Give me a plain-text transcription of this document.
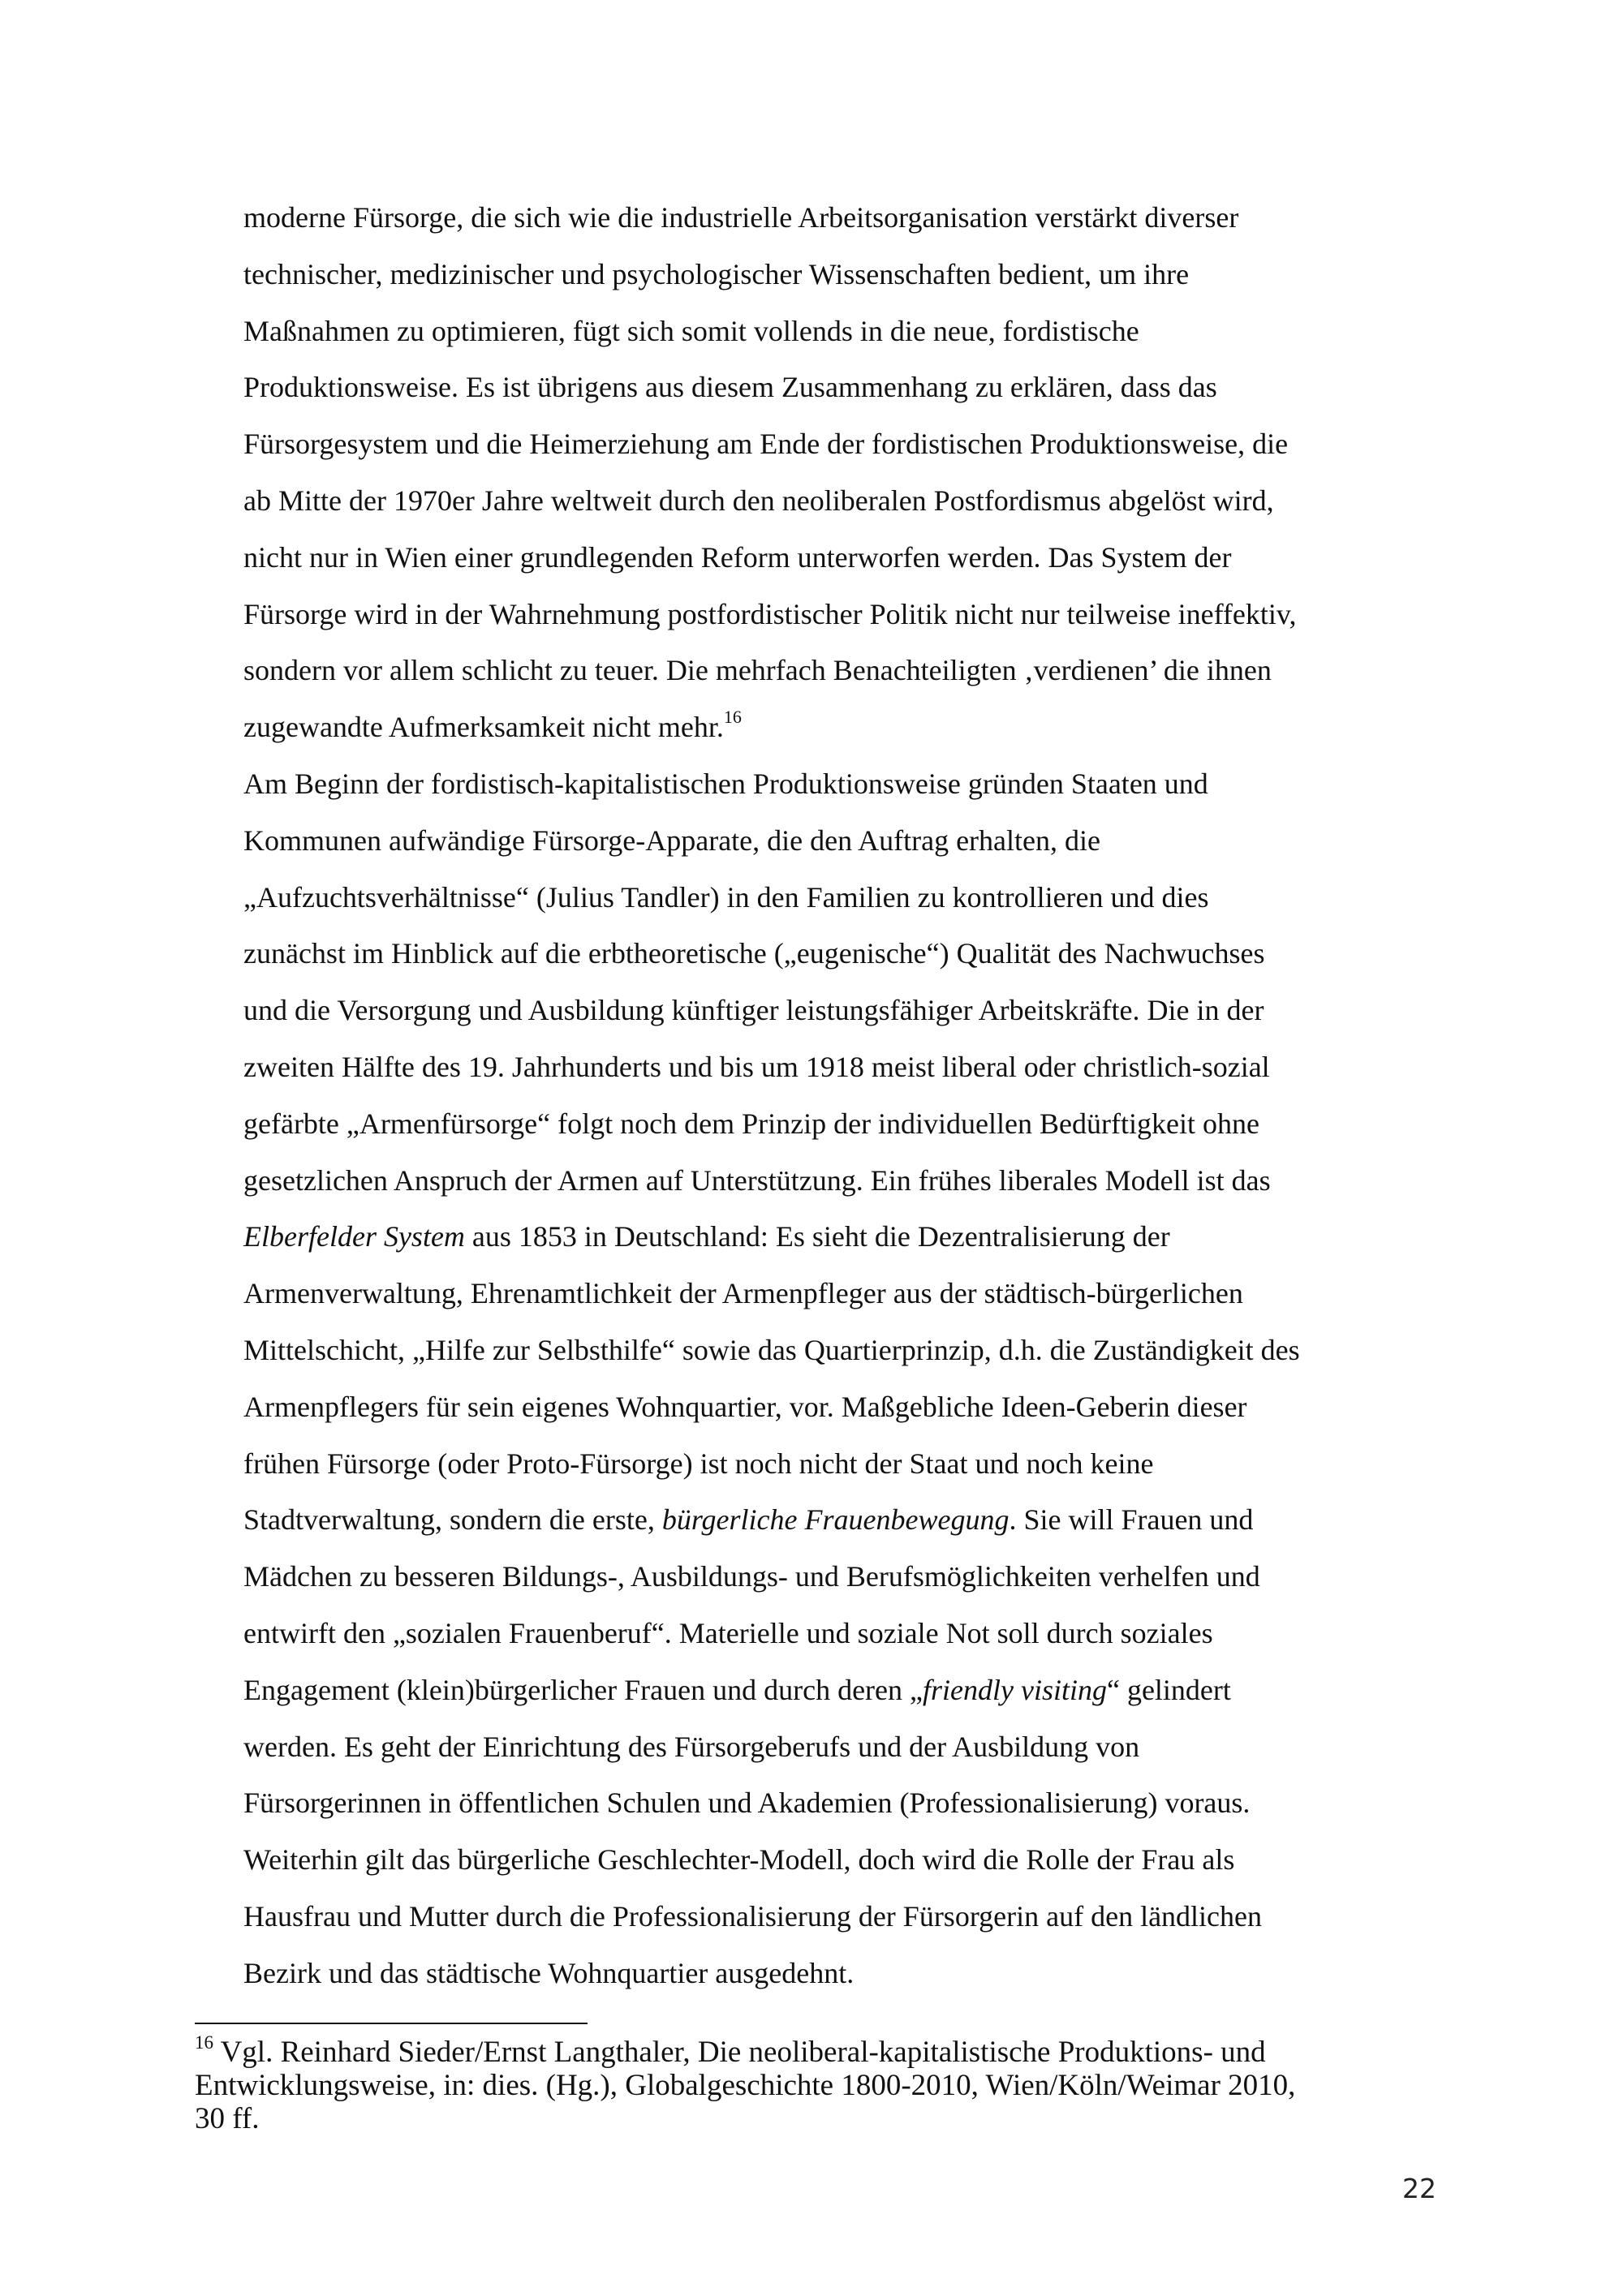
moderne Fürsorge, die sich wie die industrielle Arbeitsorganisation verstärkt diverser
technischer, medizinischer und psychologischer Wissenschaften bedient, um ihre
Maßnahmen zu optimieren, fügt sich somit vollends in die neue, fordistische
Produktionsweise. Es ist übrigens aus diesem Zusammenhang zu erklären, dass das
Fürsorgesystem und die Heimerziehung am Ende der fordistischen Produktionsweise, die
ab Mitte der 1970er Jahre weltweit durch den neoliberalen Postfordismus abgelöst wird,
nicht nur in Wien einer grundlegenden Reform unterworfen werden. Das System der
Fürsorge wird in der Wahrnehmung postfordistischer Politik nicht nur teilweise ineffektiv,
sondern vor allem schlicht zu teuer. Die mehrfach Benachteiligten ‚verdienen’ die ihnen
zugewandte Aufmerksamkeit nicht mehr.$^{16}$
Am Beginn der fordistisch-kapitalistischen Produktionsweise gründen Staaten und
Kommunen aufwändige Fürsorge-Apparate, die den Auftrag erhalten, die
„Aufzuchtsverhältnisse“ (Julius Tandler) in den Familien zu kontrollieren und dies
zunächst im Hinblick auf die erbtheoretische („eugenische“) Qualität des Nachwuchses
und die Versorgung und Ausbildung künftiger leistungsfähiger Arbeitskräfte. Die in der
zweiten Hälfte des 19. Jahrhunderts und bis um 1918 meist liberal oder christlich-sozial
gefärbte „Armenfürsorge“ folgt noch dem Prinzip der individuellen Bedürftigkeit ohne
gesetzlichen Anspruch der Armen auf Unterstützung. Ein frühes liberales Modell ist das
Elberfelder System aus 1853 in Deutschland: Es sieht die Dezentralisierung der
Armenverwaltung, Ehrenamtlichkeit der Armenpfleger aus der städtisch-bürgerlichen
Mittelschicht, „Hilfe zur Selbsthilfe“ sowie das Quartierprinzip, d.h. die Zuständigkeit des
Armenpflegers für sein eigenes Wohnquartier, vor. Maßgebliche Ideen-Geberin dieser
frühen Fürsorge (oder Proto-Fürsorge) ist noch nicht der Staat und noch keine
Stadtverwaltung, sondern die erste, bürgerliche Frauenbewegung. Sie will Frauen und
Mädchen zu besseren Bildungs-, Ausbildungs- und Berufsmöglichkeiten verhelfen und
entwirft den „sozialen Frauenberuf“. Materielle und soziale Not soll durch soziales
Engagement (klein)bürgerlicher Frauen und durch deren „friendly visiting“ gelindert
werden. Es geht der Einrichtung des Fürsorgeberufs und der Ausbildung von
Fürsorgerinnen in öffentlichen Schulen und Akademien (Professionalisierung) voraus.
Weiterhin gilt das bürgerliche Geschlechter-Modell, doch wird die Rolle der Frau als
Hausfrau und Mutter durch die Professionalisierung der Fürsorgerin auf den ländlichen
Bezirk und das städtische Wohnquartier ausgedehnt.
$^{16}$ Vgl. Reinhard Sieder/Ernst Langthaler, Die neoliberal-kapitalistische Produktions- und
Entwicklungsweise, in: dies. (Hg.), Globalgeschichte 1800-2010, Wien/Köln/Weimar 2010,
30 ff.
22
